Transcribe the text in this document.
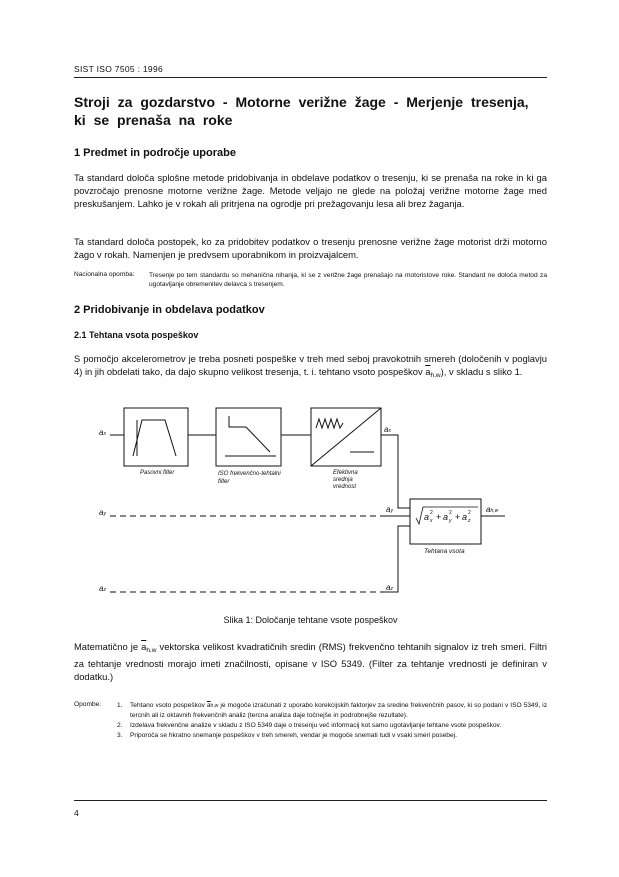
SIST ISO 7505 : 1996
Stroji za gozdarstvo - Motorne verižne žage - Merjenje tresenja, ki se prenaša na roke
1 Predmet in področje uporabe
Ta standard določa splošne metode pridobivanja in obdelave podatkov o tresenju, ki se prenaša na roke in ki ga povzročajo prenosne motorne verižne žage. Metode veljajo ne glede na položaj verižne motorne žage med preskušanjem. Lahko je v rokah ali pritrjena na ogrodje pri prežagovanju lesa ali brez žaganja.
Ta standard določa postopek, ko za pridobitev podatkov o tresenju prenosne verižne žage motorist drži motorno žago v rokah. Namenjen je predvsem uporabnikom in proizvajalcem.
Nacionalna opomba: Tresenje po tem standardu so mehanična nihanja, ki se z verižne žage prenašajo na motoristove roke. Standard ne določa metod za ugotavljanje obremenitev delavca s tresenjem.
2 Pridobivanje in obdelava podatkov
2.1 Tehtana vsota pospeškov
S pomočjo akcelerometrov je treba posneti pospeške v treh med seboj pravokotnih smereh (določenih v poglavju 4) in jih obdelati tako, da dajo skupno velikost tresenja, t. i. tehtano vsoto pospeškov $\overline{a}_{h,w}$), v skladu s sliko 1.
a x
2 + a y
2 + a z
2
ax
ay
az
ax
ay
az
ah,w
Pasovni filter	ISO frekvenčno-tehtalni
filter
Efektivna
srednja
vrednost
Tehtana vsota
Slika 1: Določanje tehtane vsote pospeškov
Matematično je $\overline{a}_{h,w}$ vektorska velikost kvadratičnih sredin (RMS) frekvenčno tehtanih signalov iz treh smeri. Filtri za tehtanje vrednosti morajo imeti značilnosti, opisane v ISO 5349. (Filter za tehtanje vrednosti je definiran v dodatku.)
Opombe: 1. Tehtano vsoto pospeškov $\overline{a}h,w$ je mogoče izračunati z uporabo korekcijskih faktorjev za sredine frekvenčnih pasov, ki so podani v ISO 5349, iz tercnih ali iz oktavnih frekvenčnih analiz (tercna analiza daje točnejše in podrobnejše rezultate).
2. Izdelava frekvenčne analize v skladu z ISO 5349 daje o tresenju več informacij kot samo ugotavljanje tehtane vsote pospeškov.
3. Priporoča se hkratno snemanje pospeškov v treh smereh, vendar je mogoče snemati tudi v vsaki smeri posebej.
4
